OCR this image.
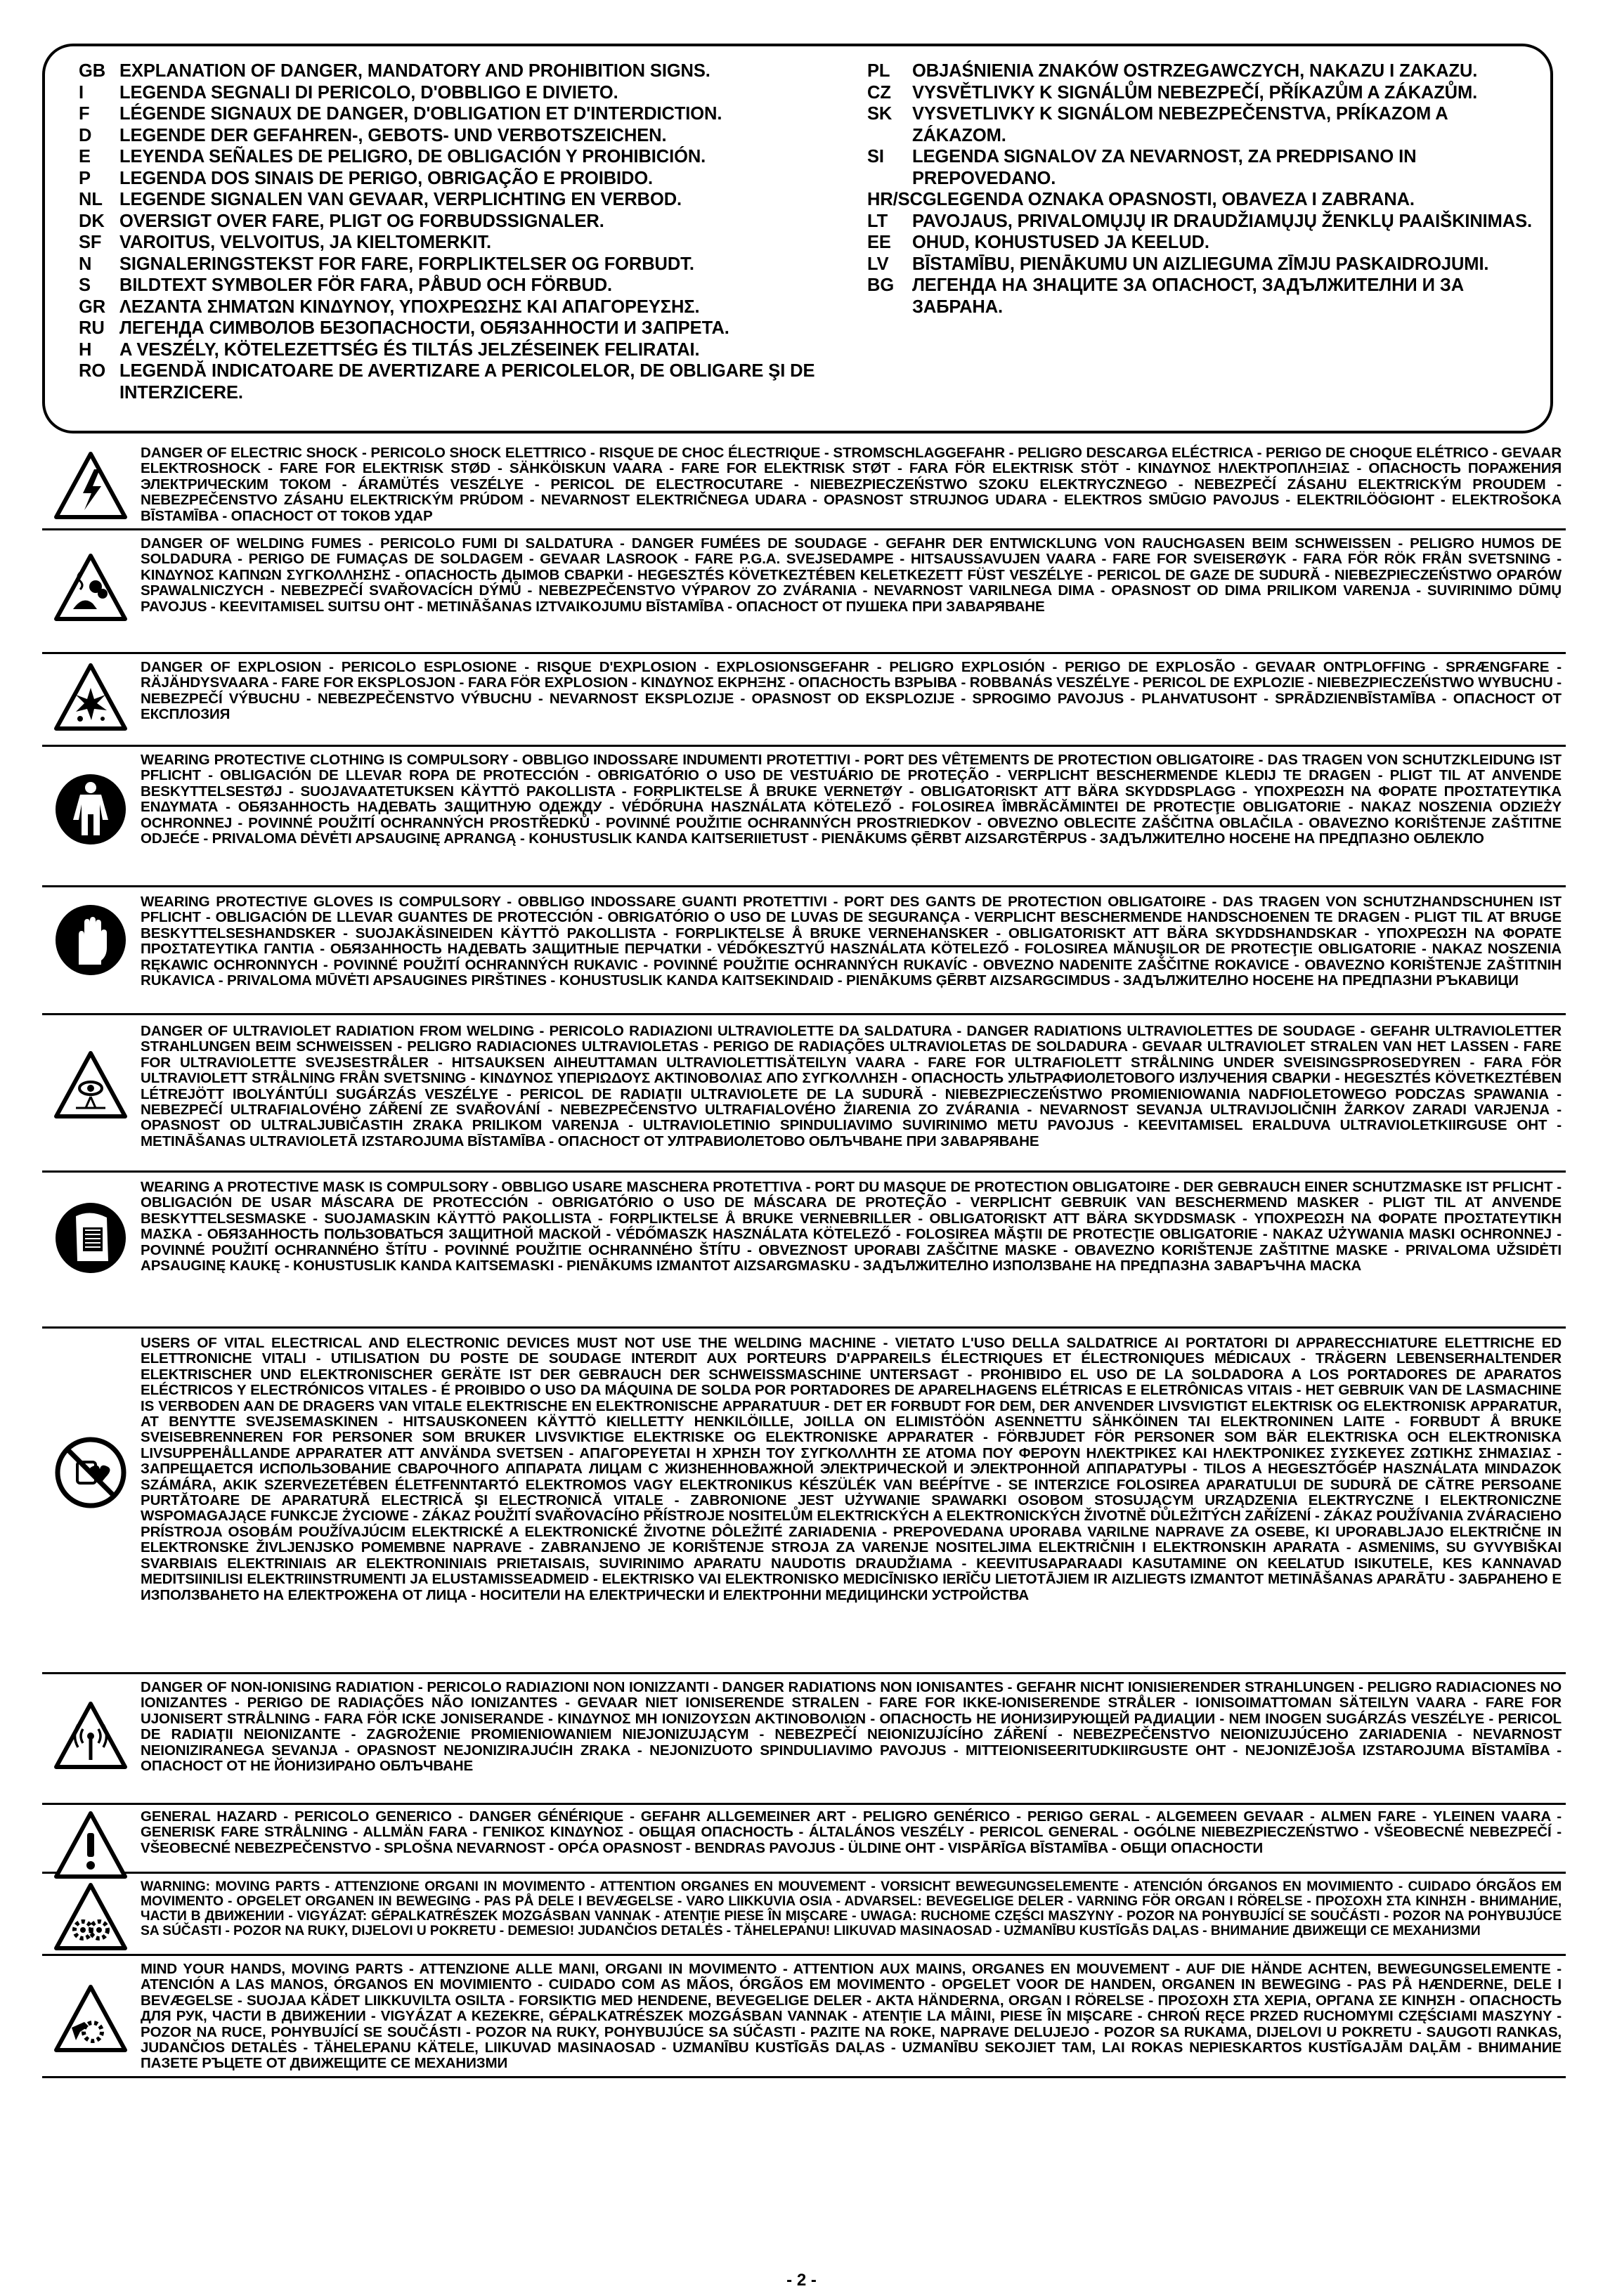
GB EXPLANATION OF DANGER, MANDATORY AND PROHIBITION SIGNS.
I	LEGENDA SEGNALI DI PERICOLO, D'OBBLIGO E DIVIETO.
F	LÉGENDE SIGNAUX DE DANGER, D'OBLIGATION ET D'INTERDICTION.
D	LEGENDE DER GEFAHREN-, GEBOTS- UND VERBOTSZEICHEN.
E	LEYENDA SEÑALES DE PELIGRO, DE OBLIGACIÓN Y PROHIBICIÓN.
P	LEGENDA DOS SINAIS DE PERIGO, OBRIGAÇÃO E PROIBIDO.
NL LEGENDE SIGNALEN VAN GEVAAR, VERPLICHTING EN VERBOD.
DK OVERSIGT OVER FARE, PLIGT OG FORBUDSSIGNALER.
SF	VAROITUS, VELVOITUS, JA KIELTOMERKIT.
N	SIGNALERINGSTEKST FOR FARE, FORPLIKTELSER OG FORBUDT.
S	BILDTEXT SYMBOLER FÖR FARA, PÅBUD OCH FÖRBUD.
GR ΛΕΖΑΝΤΑ ΣΗΜΑΤΩΝ ΚΙΝΔΥΝΟΥ, ΥΠΟΧΡΕΩΣΗΣ ΚΑΙ ΑΠΑΓΟΡΕΥΣΗΣ.
RU ЛЕГЕНДА СИМВОЛОВ БЕЗОПАСНОСТИ, ОБЯЗАННОСТИ И ЗАПРЕТА.
H	A VESZÉLY, KÖTELEZETTSÉG ÉS TILTÁS JELZÉSEINEK FELIRATAI.
RO LEGENDĂ INDICATOARE DE AVERTIZARE A PERICOLELOR, DE OBLIGARE ŞI DE INTERZICERE.
PL	OBJAŚNIENIA ZNAKÓW OSTRZEGAWCZYCH, NAKAZU I ZAKAZU.
CZ	VYSVĚTLIVKY K SIGNÁLŮM NEBEZPEČÍ, PŘÍKAZŮM A ZÁKAZŮM.
SK	VYSVETLIVKY K SIGNÁLOM NEBEZPEČENSTVA, PRÍKAZOM A ZÁKAZOM.
SI	LEGENDA SIGNALOV ZA NEVARNOST, ZA PREDPISANO IN PREPOVEDANO.
HR/SCG LEGENDA OZNAKA OPASNOSTI, OBAVEZA I ZABRANA.
LT	PAVOJAUS, PRIVALOMŲJŲ IR DRAUDŽIAMŲJŲ ŽENKLŲ PAAIŠKINIMAS.
EE	OHUD, KOHUSTUSED JA KEELUD.
LV	BĪSTAMĪBU, PIENĀKUMU UN AIZLIEGUMA ZĪMJU PASKAIDROJUMI.
BG	ЛЕГЕНДА НА ЗНАЦИТЕ ЗА ОПАСНОСТ, ЗАДЪЛЖИТЕЛНИ И ЗА ЗАБРАНА.
DANGER OF ELECTRIC SHOCK - PERICOLO SHOCK ELETTRICO - RISQUE DE CHOC ÉLECTRIQUE - STROMSCHLAGGEFAHR - PELIGRO DESCARGA ELÉCTRICA - PERIGO DE CHOQUE ELÉTRICO - GEVAAR ELEKTROSHOCK - FARE FOR ELEKTRISK STØD - SÄHKÖISKUN VAARA - FARE FOR ELEKTRISK STØT - FARA FÖR ELEKTRISK STÖT - ΚΙΝΔΥΝΟΣ ΗΛΕΚΤΡΟΠΛΗΞΙΑΣ - ОПАСНОСТЬ ПОРАЖЕНИЯ ЭЛЕКТРИЧЕСКИМ ТОКОМ - ÁRAMÜTÉS VESZÉLYE - PERICOL DE ELECTROCUTARE - NIEBEZPIECZEŃSTWO SZOKU ELEKTRYCZNEGO - NEBEZPEČÍ ZÁSAHU ELEKTRICKÝM PROUDEM - NEBEZPEČENSTVO ZÁSAHU ELEKTRICKÝM PRÚDOM - NEVARNOST ELEKTRIČNEGA UDARA - OPASNOST STRUJNOG UDARA - ELEKTROS SMŪGIO PAVOJUS - ELEKTRILÖÖGIOHT - ELEKTROŠOKA BĪSTAMĪBA - ОПАСНОСТ ОТ ТОКОВ УДАР
DANGER OF WELDING FUMES - PERICOLO FUMI DI SALDATURA - DANGER FUMÉES DE SOUDAGE - GEFAHR DER ENTWICKLUNG VON RAUCHGASEN BEIM SCHWEISSEN - PELIGRO HUMOS DE SOLDADURA - PERIGO DE FUMAÇAS DE SOLDAGEM - GEVAAR LASROOK - FARE P.G.A. SVEJSEDAMPE - HITSAUSSAVUJEN VAARA - FARE FOR SVEISERØYK - FARA FÖR RÖK FRÅN SVETSNING - ΚΙΝΔΥΝΟΣ ΚΑΠΝΩΝ ΣΥΓΚΟΛΛΗΣΗΣ - ОПАСНОСТЬ ДЫМОВ СВАРКИ - HEGESZTÉS KÖVETKEZTÉBEN KELETKEZETT FÜST VESZÉLYE - PERICOL DE GAZE DE SUDURĂ - NIEBEZPIECZEŃSTWO OPARÓW SPAWALNICZYCH - NEBEZPEČÍ SVAŘOVACÍCH DÝMŮ - NEBEZPEČENSTVO VÝPAROV ZO ZVÁRANIA - NEVARNOST VARILNEGA DIMA - OPASNOST OD DIMA PRILIKOM VARENJA - SUVIRINIMO DŪMŲ PAVOJUS - KEEVITAMISEL SUITSU OHT - METINĀŠANAS IZTVAIKOJUMU BĪSTAMĪBA - ОПАСНОСТ ОТ ПУШЕКА ПРИ ЗАВАРЯВАНЕ
DANGER OF EXPLOSION - PERICOLO ESPLOSIONE - RISQUE D'EXPLOSION - EXPLOSIONSGEFAHR - PELIGRO EXPLOSIÓN - PERIGO DE EXPLOSÃO - GEVAAR ONTPLOFFING - SPRÆNGFARE - RÄJÄHDYSVAARA - FARE FOR EKSPLOSJON - FARA FÖR EXPLOSION - ΚΙΝΔΥΝΟΣ ΕΚΡΗΞΗΣ - ОПАСНОСТЬ ВЗРЫВА - ROBBANÁS VESZÉLYE - PERICOL DE EXPLOZIE - NIEBEZPIECZEŃSTWO WYBUCHU - NEBEZPEČÍ VÝBUCHU - NEBEZPEČENSTVO VÝBUCHU - NEVARNOST EKSPLOZIJE - OPASNOST OD EKSPLOZIJE - SPROGIMO PAVOJUS - PLAHVATUSOHT - SPRĀDZIENBĪSTAMĪBA - ОПАСНОСТ ОТ ЕКСПЛОЗИЯ
WEARING PROTECTIVE CLOTHING IS COMPULSORY - OBBLIGO INDOSSARE INDUMENTI PROTETTIVI - PORT DES VÊTEMENTS DE PROTECTION OBLIGATOIRE - DAS TRAGEN VON SCHUTZKLEIDUNG IST PFLICHT - OBLIGACIÓN DE LLEVAR ROPA DE PROTECCIÓN - OBRIGATÓRIO O USO DE VESTUÁRIO DE PROTEÇÃO - VERPLICHT BESCHERMENDE KLEDIJ TE DRAGEN - PLIGT TIL AT ANVENDE BESKYTTELSESTØJ - SUOJAVAATETUKSEN KÄYTTÖ PAKOLLISTA - FORPLIKTELSE Å BRUKE VERNETØY - OBLIGATORISKT ATT BÄRA SKYDDSPLAGG - ΥΠΟΧΡΕΩΣΗ ΝΑ ΦΟΡΑΤΕ ΠΡΟΣΤΑΤΕΥΤΙΚΑ ΕΝΔΥΜΑΤΑ - ОБЯЗАННОСТЬ НАДЕВАТЬ ЗАЩИТНУЮ ОДЕЖДУ - VÉDŐRUHA HASZNÁLATA KÖTELEZŐ - FOLOSIREA ÎMBRĂCĂMINTEI DE PROTECŢIE OBLIGATORIE - NAKAZ NOSZENIA ODZIEŻY OCHRONNEJ - POVINNÉ POUŽITÍ OCHRANNÝCH PROSTŘEDKŮ - POVINNÉ POUŽITIE OCHRANNÝCH PROSTRIEDKOV - OBVEZNO OBLECITE ZAŠČITNA OBLAČILA - OBAVEZNO KORIŠTENJE ZAŠTITNE ODJEĆE - PRIVALOMA DĖVĖTI APSAUGINĘ APRANGĄ - KOHUSTUSLIK KANDA KAITSERIIETUST - PIENĀKUMS ĢĒRBT AIZSARGTĒRPUS - ЗАДЪЛЖИТЕЛНО НОСЕНЕ НА ПРЕДПАЗНО ОБЛЕКЛО
WEARING PROTECTIVE GLOVES IS COMPULSORY - OBBLIGO INDOSSARE GUANTI PROTETTIVI - PORT DES GANTS DE PROTECTION OBLIGATOIRE - DAS TRAGEN VON SCHUTZHANDSCHUHEN IST PFLICHT - OBLIGACIÓN DE LLEVAR GUANTES DE PROTECCIÓN - OBRIGATÓRIO O USO DE LUVAS DE SEGURANÇA - VERPLICHT BESCHERMENDE HANDSCHOENEN TE DRAGEN - PLIGT TIL AT BRUGE BESKYTTELSESHANDSKER - SUOJAKÄSINEIDEN KÄYTTÖ PAKOLLISTA - FORPLIKTELSE Å BRUKE VERNEHANSKER - OBLIGATORISKT ATT BÄRA SKYDDSHANDSKAR - ΥΠΟΧΡΕΩΣΗ ΝΑ ΦΟΡΑΤΕ ΠΡΟΣΤΑΤΕΥΤΙΚΑ ΓΑΝΤΙΑ - ОБЯЗАННОСТЬ НАДЕВАТЬ ЗАЩИТНЫЕ ПЕРЧАТКИ - VÉDŐKESZTYŰ HASZNÁLATA KÖTELEZŐ - FOLOSIREA MĂNUŞILOR DE PROTECŢIE OBLIGATORIE - NAKAZ NOSZENIA RĘKAWIC OCHRONNYCH - POVINNÉ POUŽITÍ OCHRANNÝCH RUKAVIC - POVINNÉ POUŽITIE OCHRANNÝCH RUKAVÍC - OBVEZNO NADENITE ZAŠČITNE ROKAVICE - OBAVEZNO KORIŠTENJE ZAŠTITNIH RUKAVICA - PRIVALOMA MŪVĖTI APSAUGINES PIRŠTINES - KOHUSTUSLIK KANDA KAITSEKINDAID - PIENĀKUMS ĢĒRBT AIZSARGCIMDUS - ЗАДЪЛЖИТЕЛНО НОСЕНЕ НА ПРЕДПАЗНИ РЪКАВИЦИ
DANGER OF ULTRAVIOLET RADIATION FROM WELDING - PERICOLO RADIAZIONI ULTRAVIOLETTE DA SALDATURA - DANGER RADIATIONS ULTRAVIOLETTES DE SOUDAGE - GEFAHR ULTRAVIOLETTER STRAHLUNGEN BEIM SCHWEISSEN - PELIGRO RADIACIONES ULTRAVIOLETAS - PERIGO DE RADIAÇÕES ULTRAVIOLETAS DE SOLDADURA - GEVAAR ULTRAVIOLET STRALEN VAN HET LASSEN - FARE FOR ULTRAVIOLETTE SVEJSESTRÅLER - HITSAUKSEN AIHEUTTAMAN ULTRAVIOLETTISÄTEILYN VAARA - FARE FOR ULTRAFIOLETT STRÅLNING UNDER SVEISINGSPROSEDYREN - FARA FÖR ULTRAVIOLETT STRÅLNING FRÅN SVETSNING - ΚΙΝΔΥΝΟΣ ΥΠΕΡΙΩΔΟΥΣ ΑΚΤΙΝΟΒΟΛΙΑΣ ΑΠΟ ΣΥΓΚΟΛΛΗΣΗ - ОПАСНОСТЬ УЛЬТРАФИОЛЕТОВОГО ИЗЛУЧЕНИЯ СВАРКИ - HEGESZTÉS KÖVETKEZTÉBEN LÉTREJÖTT IBOLYÁNTÚLI SUGÁRZÁS VESZÉLYE - PERICOL DE RADIAŢII ULTRAVIOLETE DE LA SUDURĂ - NIEBEZPIECZEŃSTWO PROMIENIOWANIA NADFIOLETOWEGO PODCZAS SPAWANIA - NEBEZPEČÍ ULTRAFIALOVÉHO ZÁŘENÍ ZE SVAŘOVÁNÍ - NEBEZPEČENSTVO ULTRAFIALOVÉHO ŽIARENIA ZO ZVÁRANIA - NEVARNOST SEVANJA ULTRAVIJOLIČNIH ŽARKOV ZARADI VARJENJA - OPASNOST OD ULTRALJUBIČASTIH ZRAKA PRILIKOM VARENJA - ULTRAVIOLETINIO SPINDULIAVIMO SUVIRINIMO METU PAVOJUS - KEEVITAMISEL ERALDUVA ULTRAVIOLETKIIRGUSE OHT - METINĀŠANAS ULTRAVIOLETĀ IZSTAROJUMA BĪSTAMĪBA - ОПАСНОСТ ОТ УЛТРАВИОЛЕТОВО ОБЛЪЧВАНЕ ПРИ ЗАВАРЯВАНЕ
WEARING A PROTECTIVE MASK IS COMPULSORY - OBBLIGO USARE MASCHERA PROTETTIVA - PORT DU MASQUE DE PROTECTION OBLIGATOIRE - DER GEBRAUCH EINER SCHUTZMASKE IST PFLICHT - OBLIGACIÓN DE USAR MÁSCARA DE PROTECCIÓN - OBRIGATÓRIO O USO DE MÁSCARA DE PROTEÇÃO - VERPLICHT GEBRUIK VAN BESCHERMEND MASKER - PLIGT TIL AT ANVENDE BESKYTTELSESMASKE - SUOJAMASKIN KÄYTTÖ PAKOLLISTA - FORPLIKTELSE Å BRUKE VERNEBRILLER - OBLIGATORISKT ATT BÄRA SKYDDSMASK - ΥΠΟΧΡΕΩΣΗ ΝΑ ΦΟΡΑΤΕ ΠΡΟΣΤΑΤΕΥΤΙΚΗ ΜΑΣΚΑ - ОБЯЗАННОСТЬ ПОЛЬЗОВАТЬСЯ ЗАЩИТНОЙ МАСКОЙ - VÉDŐMASZK HASZNÁLATA KÖTELEZŐ - FOLOSIREA MĂŞTII DE PROTECŢIE OBLIGATORIE - NAKAZ UŻYWANIA MASKI OCHRONNEJ - POVINNÉ POUŽITÍ OCHRANNÉHO ŠTÍTU - POVINNÉ POUŽITIE OCHRANNÉHO ŠTÍTU - OBVEZNOST UPORABI ZAŠČITNE MASKE - OBAVEZNO KORIŠTENJE ZAŠTITNE MASKE - PRIVALOMA UŽSIDĖTI APSAUGINĘ KAUKĘ - KOHUSTUSLIK KANDA KAITSEMASKI - PIENĀKUMS IZMANTOT AIZSARGMASKU - ЗАДЪЛЖИТЕЛНО ИЗПОЛЗВАНЕ НА ПРЕДПАЗНА ЗАВАРЪЧНА МАСКА
USERS OF VITAL ELECTRICAL AND ELECTRONIC DEVICES MUST NOT USE THE WELDING MACHINE - VIETATO L'USO DELLA SALDATRICE AI PORTATORI DI APPARECCHIATURE ELETTRICHE ED ELETTRONICHE VITALI - UTILISATION DU POSTE DE SOUDAGE INTERDIT AUX PORTEURS D'APPAREILS ÉLECTRIQUES ET ÉLECTRONIQUES MÉDICAUX - TRÄGERN LEBENSERHALTENDER ELEKTRISCHER UND ELEKTRONISCHER GERÄTE IST DER GEBRAUCH DER SCHWEISSMASCHINE UNTERSAGT - PROHIBIDO EL USO DE LA SOLDADORA A LOS PORTADORES DE APARATOS ELÉCTRICOS Y ELECTRÓNICOS VITALES - É PROIBIDO O USO DA MÁQUINA DE SOLDA POR PORTADORES DE APARELHAGENS ELÉTRICAS E ELETRÔNICAS VITAIS - HET GEBRUIK VAN DE LASMACHINE IS VERBODEN AAN DE DRAGERS VAN VITALE ELEKTRISCHE EN ELEKTRONISCHE APPARATUUR - DET ER FORBUDT FOR DEM, DER ANVENDER LIVSVIGTIGT ELEKTRISK OG ELEKTRONISK APPARATUR, AT BENYTTE SVEJSEMASKINEN - HITSAUSKONEEN KÄYTTÖ KIELLETTY HENKILÖILLE, JOILLA ON ELIMISTÖÖN ASENNETTU SÄHKÖINEN TAI ELEKTRONINEN LAITE - FORBUDT Å BRUKE SVEISEBRENNEREN FOR PERSONER SOM BRUKER LIVSVIKTIGE ELEKTRISKE OG ELEKTRONISKE APPARATER - FÖRBJUDET FÖR PERSONER SOM BÄR ELEKTRISKA OCH ELEKTRONISKA LIVSUPPEHÅLLANDE APPARATER ATT ANVÄNDA SVETSEN - ΑΠΑΓΟΡΕΥΕΤΑΙ Η ΧΡΗΣΗ ΤΟΥ ΣΥΓΚΟΛΛΗΤΗ ΣΕ ΑΤΟΜΑ ΠΟΥ ΦΕΡΟΥΝ ΗΛΕΚΤΡΙΚΕΣ ΚΑΙ ΗΛΕΚΤΡΟΝΙΚΕΣ ΣΥΣΚΕΥΕΣ ΖΩΤΙΚΗΣ ΣΗΜΑΣΙΑΣ - ЗАПРЕЩАЕТСЯ ИСПОЛЬЗОВАНИЕ СВАРОЧНОГО АППАРАТА ЛИЦАМ С ЖИЗНЕННОВАЖНОЙ ЭЛЕКТРИЧЕСКОЙ И ЭЛЕКТРОННОЙ АППАРАТУРЫ - TILOS A HEGESZTŐGÉP HASZNÁLATA MINDAZOK SZÁMÁRA, AKIK SZERVEZETÉBEN ÉLETFENNTARTÓ ELEKTROMOS VAGY ELEKTRONIKUS KÉSZÜLÉK VAN BEÉPÍTVE - SE INTERZICE FOLOSIREA APARATULUI DE SUDURĂ DE CĂTRE PERSOANE PURTĂTOARE DE APARATURĂ ELECTRICĂ ŞI ELECTRONICĂ VITALE - ZABRONIONE JEST UŻYWANIE SPAWARKI OSOBOM STOSUJĄCYM URZĄDZENIA ELEKTRYCZNE I ELEKTRONICZNE WSPOMAGAJĄCE FUNKCJE ŻYCIOWE - ZÁKAZ POUŽITÍ SVAŘOVACÍHO PŘÍSTROJE NOSITELŮM ELEKTRICKÝCH A ELEKTRONICKÝCH ŽIVOTNĚ DŮLEŽITÝCH ZAŘÍZENÍ - ZÁKAZ POUŽÍVANIA ZVÁRACIEHO PRÍSTROJA OSOBÁM POUŽÍVAJÚCIM ELEKTRICKÉ A ELEKTRONICKÉ ŽIVOTNE DÔLEŽITÉ ZARIADENIA - PREPOVEDANA UPORABA VARILNE NAPRAVE ZA OSEBE, KI UPORABLJAJO ELEKTRIČNE IN ELEKTRONSKE ŽIVLJENJSKO POMEMBNE NAPRAVE - ZABRANJENO JE KORIŠTENJE STROJA ZA VARENJE NOSITELJIMA ELEKTRIČNIH I ELEKTRONSKIH APARATA - ASMENIMS, SU GYVYBIŠKAI SVARBIAIS ELEKTRINIAIS AR ELEKTRONINIAIS PRIETAISAIS, SUVIRINIMO APARATU NAUDOTIS DRAUDŽIAMA - KEEVITUSAPARAADI KASUTAMINE ON KEELATUD ISIKUTELE, KES KANNAVAD MEDITSIINILISI ELEKTRIINSTRUMENTI JA ELUSTAMISSEADMEID - ELEKTRISKO VAI ELEKTRONISKO MEDICĪNISKO IERĪČU LIETOTĀJIEM IR AIZLIEGTS IZMANTOT METINĀŠANAS APARĀTU - ЗАБРАНЕНО Е ИЗПОЛЗВАНЕТО НА ЕЛЕКТРОЖЕНА ОТ ЛИЦА - НОСИТЕЛИ НА ЕЛЕКТРИЧЕСКИ И ЕЛЕКТРОННИ МЕДИЦИНСКИ УСТРОЙСТВА
DANGER OF NON-IONISING RADIATION - PERICOLO RADIAZIONI NON IONIZZANTI - DANGER RADIATIONS NON IONISANTES - GEFAHR NICHT IONISIERENDER STRAHLUNGEN - PELIGRO RADIACIONES NO IONIZANTES - PERIGO DE RADIAÇÕES NÃO IONIZANTES - GEVAAR NIET IONISERENDE STRALEN - FARE FOR IKKE-IONISERENDE STRÅLER - IONISOIMATTOMAN SÄTEILYN VAARA - FARE FOR UJONISERT STRÅLNING - FARA FÖR ICKE JONISERANDE - ΚΙΝΔΥΝΟΣ ΜΗ ΙΟΝΙΖΟΥΣΩΝ ΑΚΤΙΝΟΒΟΛΙΩΝ - ОПАСНОСТЬ НЕ ИОНИЗИРУЮЩЕЙ РАДИАЦИИ - NEM INOGEN SUGÁRZÁS VESZÉLYE - PERICOL DE RADIAŢII NEIONIZANTE - ZAGROŻENIE PROMIENIOWANIEM NIEJONIZUJĄCYM - NEBEZPEČÍ NEIONIZUJÍCÍHO ZÁŘENÍ - NEBEZPEČENSTVO NEIONIZUJÚCEHO ZARIADENIA - NEVARNOST NEIONIZIRANEGA SEVANJA - OPASNOST NEJONIZIRAJUĆIH ZRAKA - NEJONIZUOTO SPINDULIAVIMO PAVOJUS - MITTEIONISEERITUDKIIRGUSTE OHT - NEJONIZĒJOŠA IZSTAROJUMA BĪSTAMĪBA - ОПАСНОСТ ОТ НЕ ЙОНИЗИРАНО ОБЛЪЧВАНЕ
GENERAL HAZARD - PERICOLO GENERICO - DANGER GÉNÉRIQUE - GEFAHR ALLGEMEINER ART - PELIGRO GENÉRICO - PERIGO GERAL - ALGEMEEN GEVAAR - ALMEN FARE - YLEINEN VAARA - GENERISK FARE STRÅLNING - ALLMÄN FARA - ΓΕΝΙΚΟΣ ΚΙΝΔΥΝΟΣ - ОБЩАЯ ОПАСНОСТЬ - ÁLTALÁNOS VESZÉLY - PERICOL GENERAL - OGÓLNE NIEBEZPIECZEŃSTWO - VŠEOBECNÉ NEBEZPEČÍ - VŠEOBECNÉ NEBEZPEČENSTVO - SPLOŠNA NEVARNOST - OPĆA OPASNOST - BENDRAS PAVOJUS - ÜLDINE OHT - VISPĀRĪGA BĪSTAMĪBA - ОБЩИ ОПАСНОСТИ
WARNING: MOVING PARTS - ATTENZIONE ORGANI IN MOVIMENTO - ATTENTION ORGANES EN MOUVEMENT - VORSICHT BEWEGUNGSELEMENTE - ATENCIÓN ÓRGANOS EN MOVIMIENTO - CUIDADO ÓRGÃOS EM MOVIMENTO - OPGELET ORGANEN IN BEWEGING - PAS PÅ DELE I BEVÆGELSE - VARO LIIKKUVIA OSIA - ADVARSEL: BEVEGELIGE DELER - VARNING FÖR ORGAN I RÖRELSE - ΠΡΟΣΟΧΗ ΣΤΑ ΚΙΝΗΣΗ - ВНИМАНИЕ, ЧАСТИ В ДВИЖЕНИИ - VIGYÁZAT: GÉPALKATRÉSZEK MOZGÁSBAN VANNAK - ATENŢIE PIESE ÎN MIŞCARE - UWAGA: RUCHOME CZĘŚCI MASZYNY - POZOR NA POHYBUJÍCÍ SE SOUČÁSTI - POZOR NA POHYBUJÚCE SA SÚČASTI - POZOR NA RUKY, DIJELOVI U POKRETU - DEMESIO! JUDANČIOS DETALĖS - TÄHELEPANU! LIIKUVAD MASINAOSAD - UZMANĪBU KUSTĪGĀS DAĻAS - ВНИМАНИЕ ДВИЖЕЩИ СЕ МЕХАНИЗМИ
MIND YOUR HANDS, MOVING PARTS - ATTENZIONE ALLE MANI, ORGANI IN MOVIMENTO - ATTENTION AUX MAINS, ORGANES EN MOUVEMENT - AUF DIE HÄNDE ACHTEN, BEWEGUNGSELEMENTE - ATENCIÓN A LAS MANOS, ÓRGANOS EN MOVIMIENTO - CUIDADO COM AS MÃOS, ÓRGÃOS EM MOVIMENTO - OPGELET VOOR DE HANDEN, ORGANEN IN BEWEGING - PAS PÅ HÆNDERNE, DELE I BEVÆGELSE - SUOJAA KÄDET LIIKKUVILTA OSILTA - FORSIKTIG MED HENDENE, BEVEGELIGE DELER - AKTA HÄNDERNA, ORGAN I RÖRELSE - ΠΡΟΣΟΧΗ ΣΤΑ ΧΕΡΙΑ, ΟΡΓΑΝΑ ΣΕ ΚΙΝΗΣΗ - ОПАСНОСТЬ ДЛЯ РУК, ЧАСТИ В ДВИЖЕНИИ - VIGYÁZAT A KEZEKRE, GÉPALKATRÉSZEK MOZGÁSBAN VANNAK - ATENŢIE LA MÂINI, PIESE ÎN MIŞCARE - CHROŃ RĘCE PRZED RUCHOMYMI CZĘŚCIAMI MASZYNY - POZOR NA RUCE, POHYBUJÍCÍ SE SOUČÁSTI - POZOR NA RUKY, POHYBUJÚCE SA SÚČASTI - PAZITE NA ROKE, NAPRAVE DELUJEJO - POZOR SA RUKAMA, DIJELOVI U POKRETU - SAUGOTI RANKAS, JUDANČIOS DETALĖS - TÄHELEPANU KÄTELE, LIIKUVAD MASINAOSAD - UZMANĪBU KUSTĪGĀS DAĻAS - UZMANĪBU SEKOJIET TAM, LAI ROKAS NEPIESKARTOS KUSTĪGAJĀM DAĻĀM - ВНИМАНИЕ ПАЗЕТЕ РЪЦЕТЕ ОТ ДВИЖЕЩИТЕ СЕ МЕХАНИЗМИ
- 2 -
